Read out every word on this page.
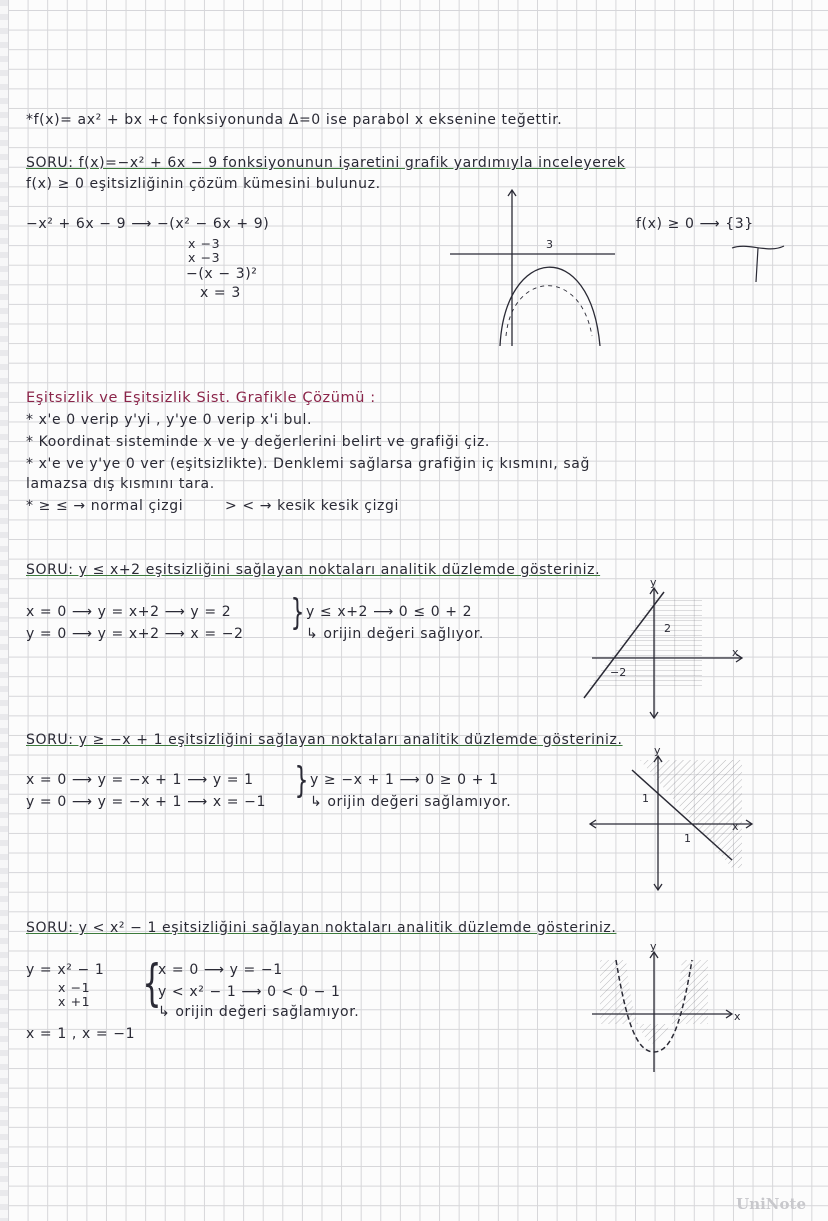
*f(x)= ax² + bx +c fonksiyonunda Δ=0 ise parabol x eksenine teğettir.
SORU: f(x)=−x² + 6x − 9 fonksiyonunun işaretini grafik yardımıyla inceleyerek
f(x) ≥ 0 eşitsizliğinin çözüm kümesini bulunuz.
−x² + 6x − 9 ⟶ −(x² − 6x + 9)
x −3
x −3
−(x − 3)²
x = 3
f(x) ≥ 0 ⟶ {3}
3
Eşitsizlik ve Eşitsizlik Sist. Grafikle Çözümü :
* x'e 0 verip y'yi , y'ye 0 verip x'i bul.
* Koordinat sisteminde x ve y değerlerini belirt ve grafiği çiz.
* x'e ve y'ye 0 ver (eşitsizlikte). Denklemi sağlarsa grafiğin iç kısmını, sağ
lamazsa dış kısmını tara.
* ≥ ≤ → normal çizgi	> < → kesik kesik çizgi
SORU: y ≤ x+2 eşitsizliğini sağlayan noktaları analitik düzlemde gösteriniz.
x = 0 ⟶ y = x+2 ⟶ y = 2
y = 0 ⟶ y = x+2 ⟶ x = −2
} y ≤ x+2 ⟶ 0 ≤ 0 + 2
↳ orijin değeri sağlıyor.
y
x
2
−2
SORU: y ≥ −x + 1 eşitsizliğini sağlayan noktaları analitik düzlemde gösteriniz.
x = 0 ⟶ y = −x + 1 ⟶ y = 1
y = 0 ⟶ y = −x + 1 ⟶ x = −1
} y ≥ −x + 1 ⟶ 0 ≥ 0 + 1
↳ orijin değeri sağlamıyor.
y
x
1
1
SORU: y < x² − 1 eşitsizliğini sağlayan noktaları analitik düzlemde gösteriniz.
y = x² − 1
x −1
x +1
x = 1 , x = −1
{
x = 0 ⟶ y = −1
y < x² − 1 ⟶ 0 < 0 − 1
↳ orijin değeri sağlamıyor.
y
x
UniNote
